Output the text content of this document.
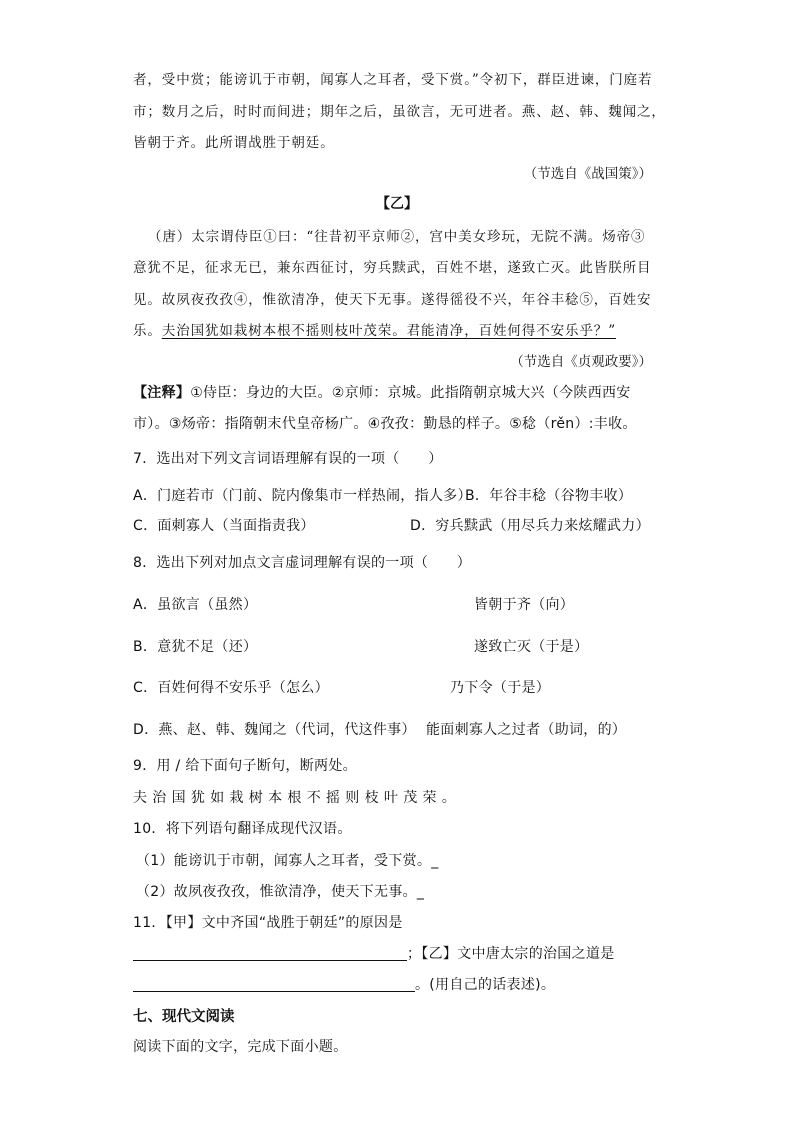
者，受中赏；能谤讥于市朝，闻寡人之耳者，受下赏。”令初下，群臣进谏，门庭若
市；数月之后，时时而间进；期年之后，虽欲言，无可进者。燕、赵、韩、魏闻之，
皆朝于齐。此所谓战胜于朝廷。
（节选自《战国策》）
【乙】
（唐）太宗谓侍臣①曰：“往昔初平京师②，宫中美女珍玩，无院不满。炀帝③
意犹不足，征求无已，兼东西征讨，穷兵黩武，百姓不堪，遂致亡灭。此皆朕所目
见。故夙夜孜孜④，惟欲清净，使天下无事。遂得徭役不兴，年谷丰稔⑤，百姓安
乐。夫治国犹如栽树本根不摇则枝叶茂荣。君能清净，百姓何得不安乐乎？”
（节选自《贞观政要》）
【注释】①侍臣：身边的大臣。②京师：京城。此指隋朝京城大兴（今陕西西安
市）。③炀帝：指隋朝末代皇帝杨广。④孜孜：勤恳的样子。⑤稔（rěn）:丰收。
7．选出对下列文言词语理解有误的一项（　　）
A．门庭若市（门前、院内像集市一样热闹，指人多）
B．年谷丰稔（谷物丰收）
C．面刺寡人（当面指责我）	D．穷兵黩武（用尽兵力来炫耀武力）
8．选出下列对加点文言虚词理解有误的一项（　　）
A．虽欲言（虽然）	皆朝于齐（向）
B．意犹不足（还）	遂致亡灭（于是）
C．百姓何得不安乐乎（怎么）	乃下令（于是）
D．燕、赵、韩、魏闻之（代词，代这件事） 能面刺寡人之过者（助词，的）
9．用 / 给下面句子断句，断两处。
夫治国犹如栽树本根不摇则枝叶茂荣。
10．将下列语句翻译成现代汉语。
（1）能谤讥于市朝，闻寡人之耳者，受下赏。_
（2）故夙夜孜孜，惟欲清净，使天下无事。_
11．【甲】文中齐国“战胜于朝廷”的原因是
；【乙】文中唐太宗的治国之道是
。(用自己的话表述)。
七、现代文阅读
阅读下面的文字，完成下面小题。
